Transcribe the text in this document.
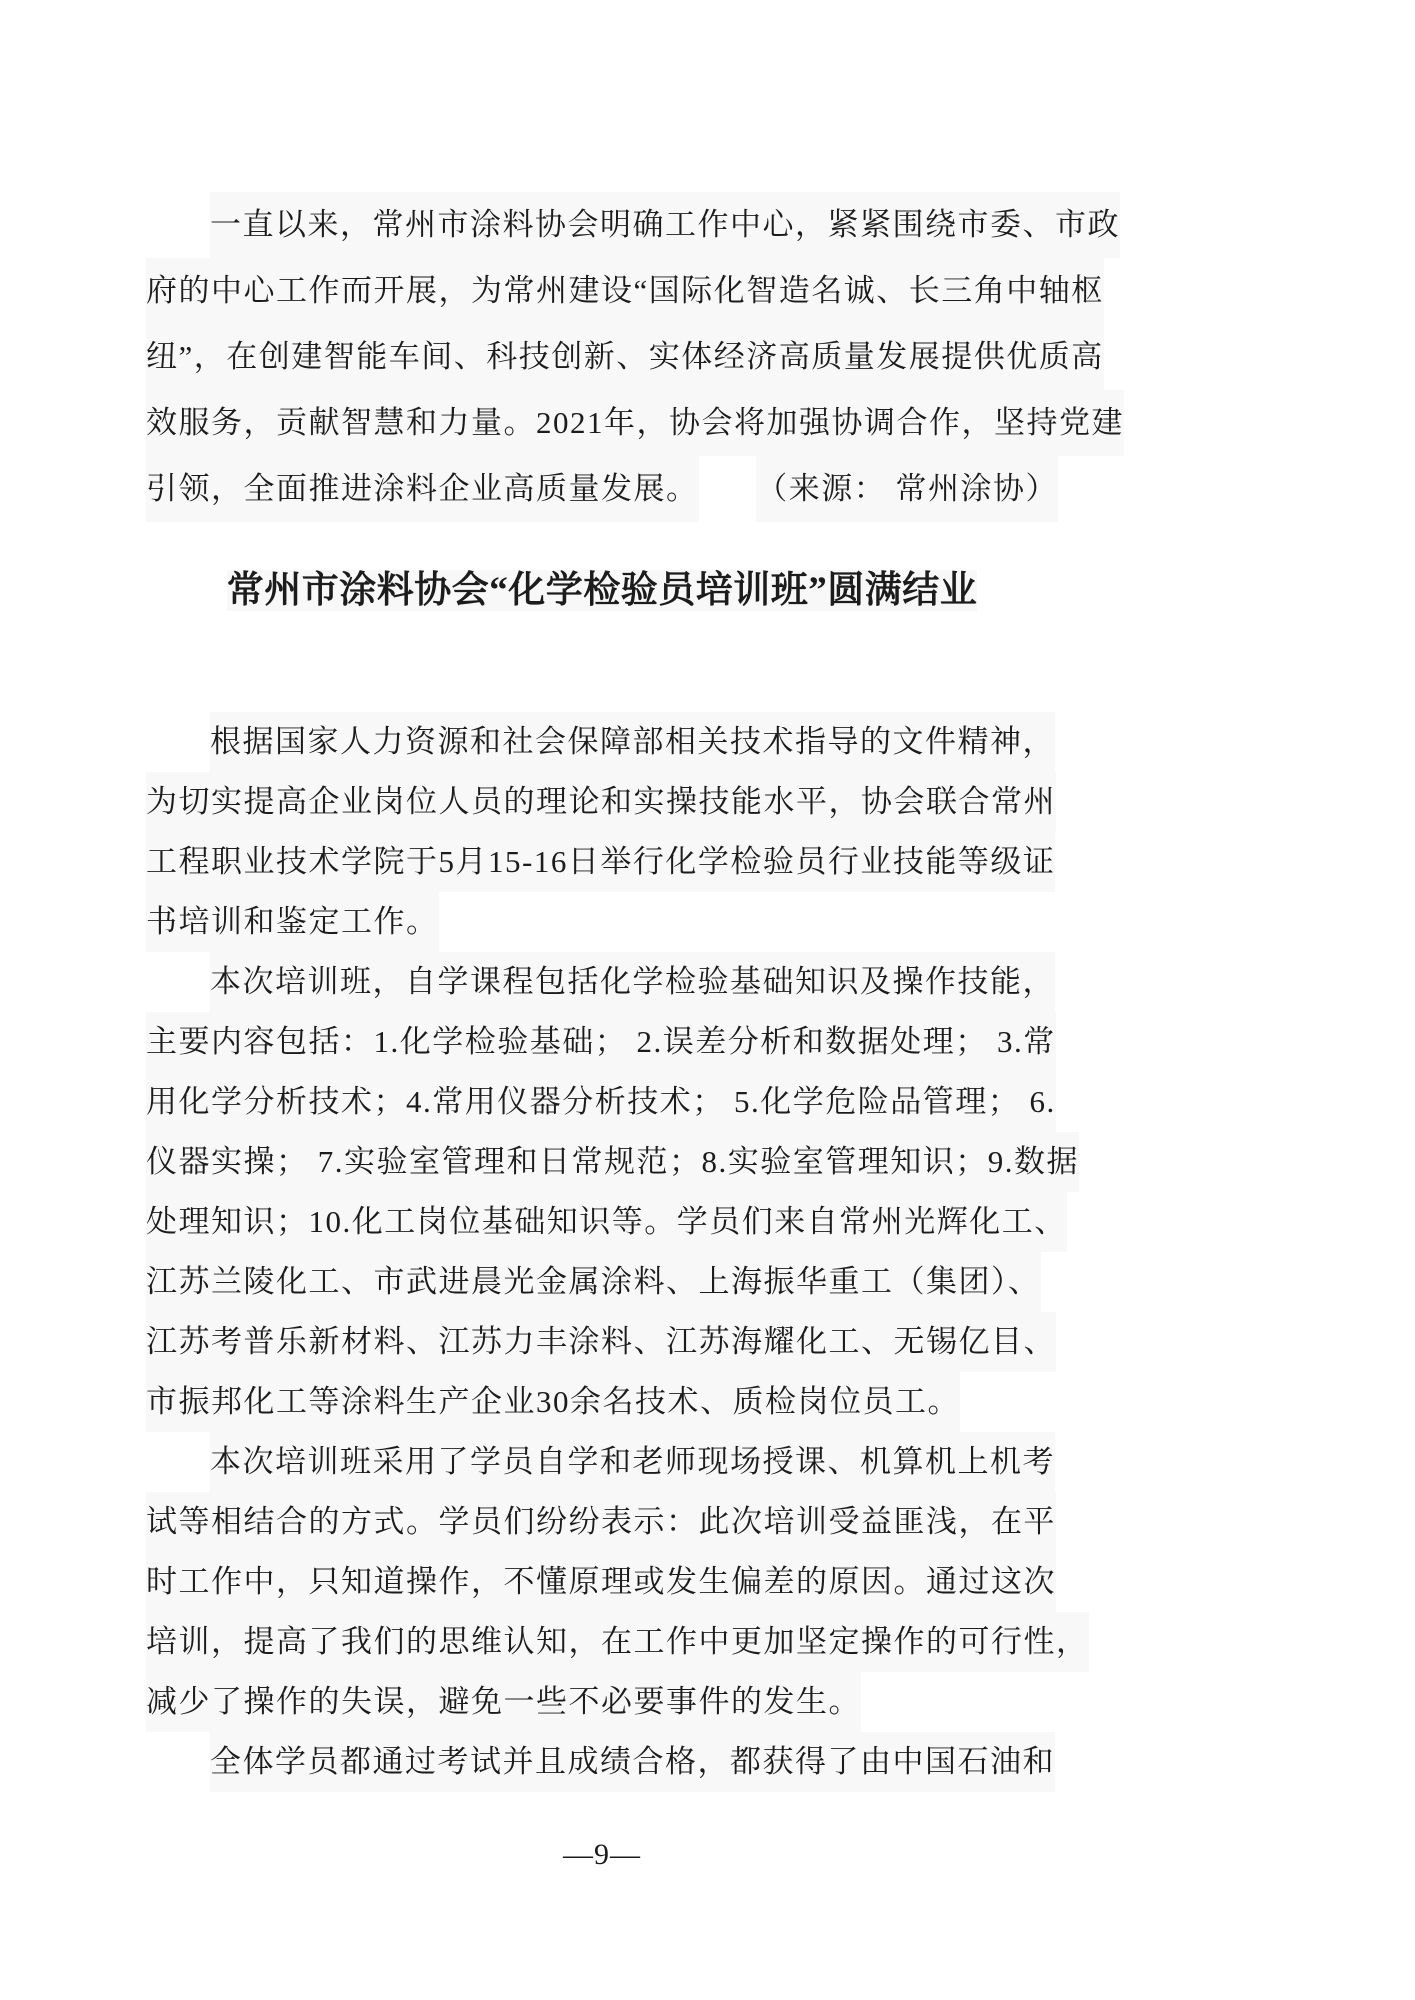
一直以来，常州市涂料协会明确工作中心，紧紧围绕市委、市政
府的中心工作而开展，为常州建设“国际化智造名诚、长三角中轴枢
纽”，在创建智能车间、科技创新、实体经济高质量发展提供优质高
效服务，贡献智慧和力量。2021年，协会将加强协调合作，坚持党建
引领，全面推进涂料企业高质量发展。 （来源： 常州涂协）
常州市涂料协会“化学检验员培训班”圆满结业
根据国家人力资源和社会保障部相关技术指导的文件精神，
为切实提高企业岗位人员的理论和实操技能水平，协会联合常州
工程职业技术学院于5月15-16日举行化学检验员行业技能等级证
书培训和鉴定工作。
本次培训班，自学课程包括化学检验基础知识及操作技能，
主要内容包括：1.化学检验基础； 2.误差分析和数据处理； 3.常
用化学分析技术；4.常用仪器分析技术； 5.化学危险品管理； 6.
仪器实操； 7.实验室管理和日常规范；8.实验室管理知识；9.数据
处理知识；10.化工岗位基础知识等。学员们来自常州光辉化工、
江苏兰陵化工、市武进晨光金属涂料、上海振华重工（集团）、
江苏考普乐新材料、江苏力丰涂料、江苏海耀化工、无锡亿目、
市振邦化工等涂料生产企业30余名技术、质检岗位员工。
本次培训班采用了学员自学和老师现场授课、机算机上机考
试等相结合的方式。学员们纷纷表示：此次培训受益匪浅，在平
时工作中，只知道操作，不懂原理或发生偏差的原因。通过这次
培训，提高了我们的思维认知，在工作中更加坚定操作的可行性，
减少了操作的失误，避免一些不必要事件的发生。
全体学员都通过考试并且成绩合格，都获得了由中国石油和
—9—
